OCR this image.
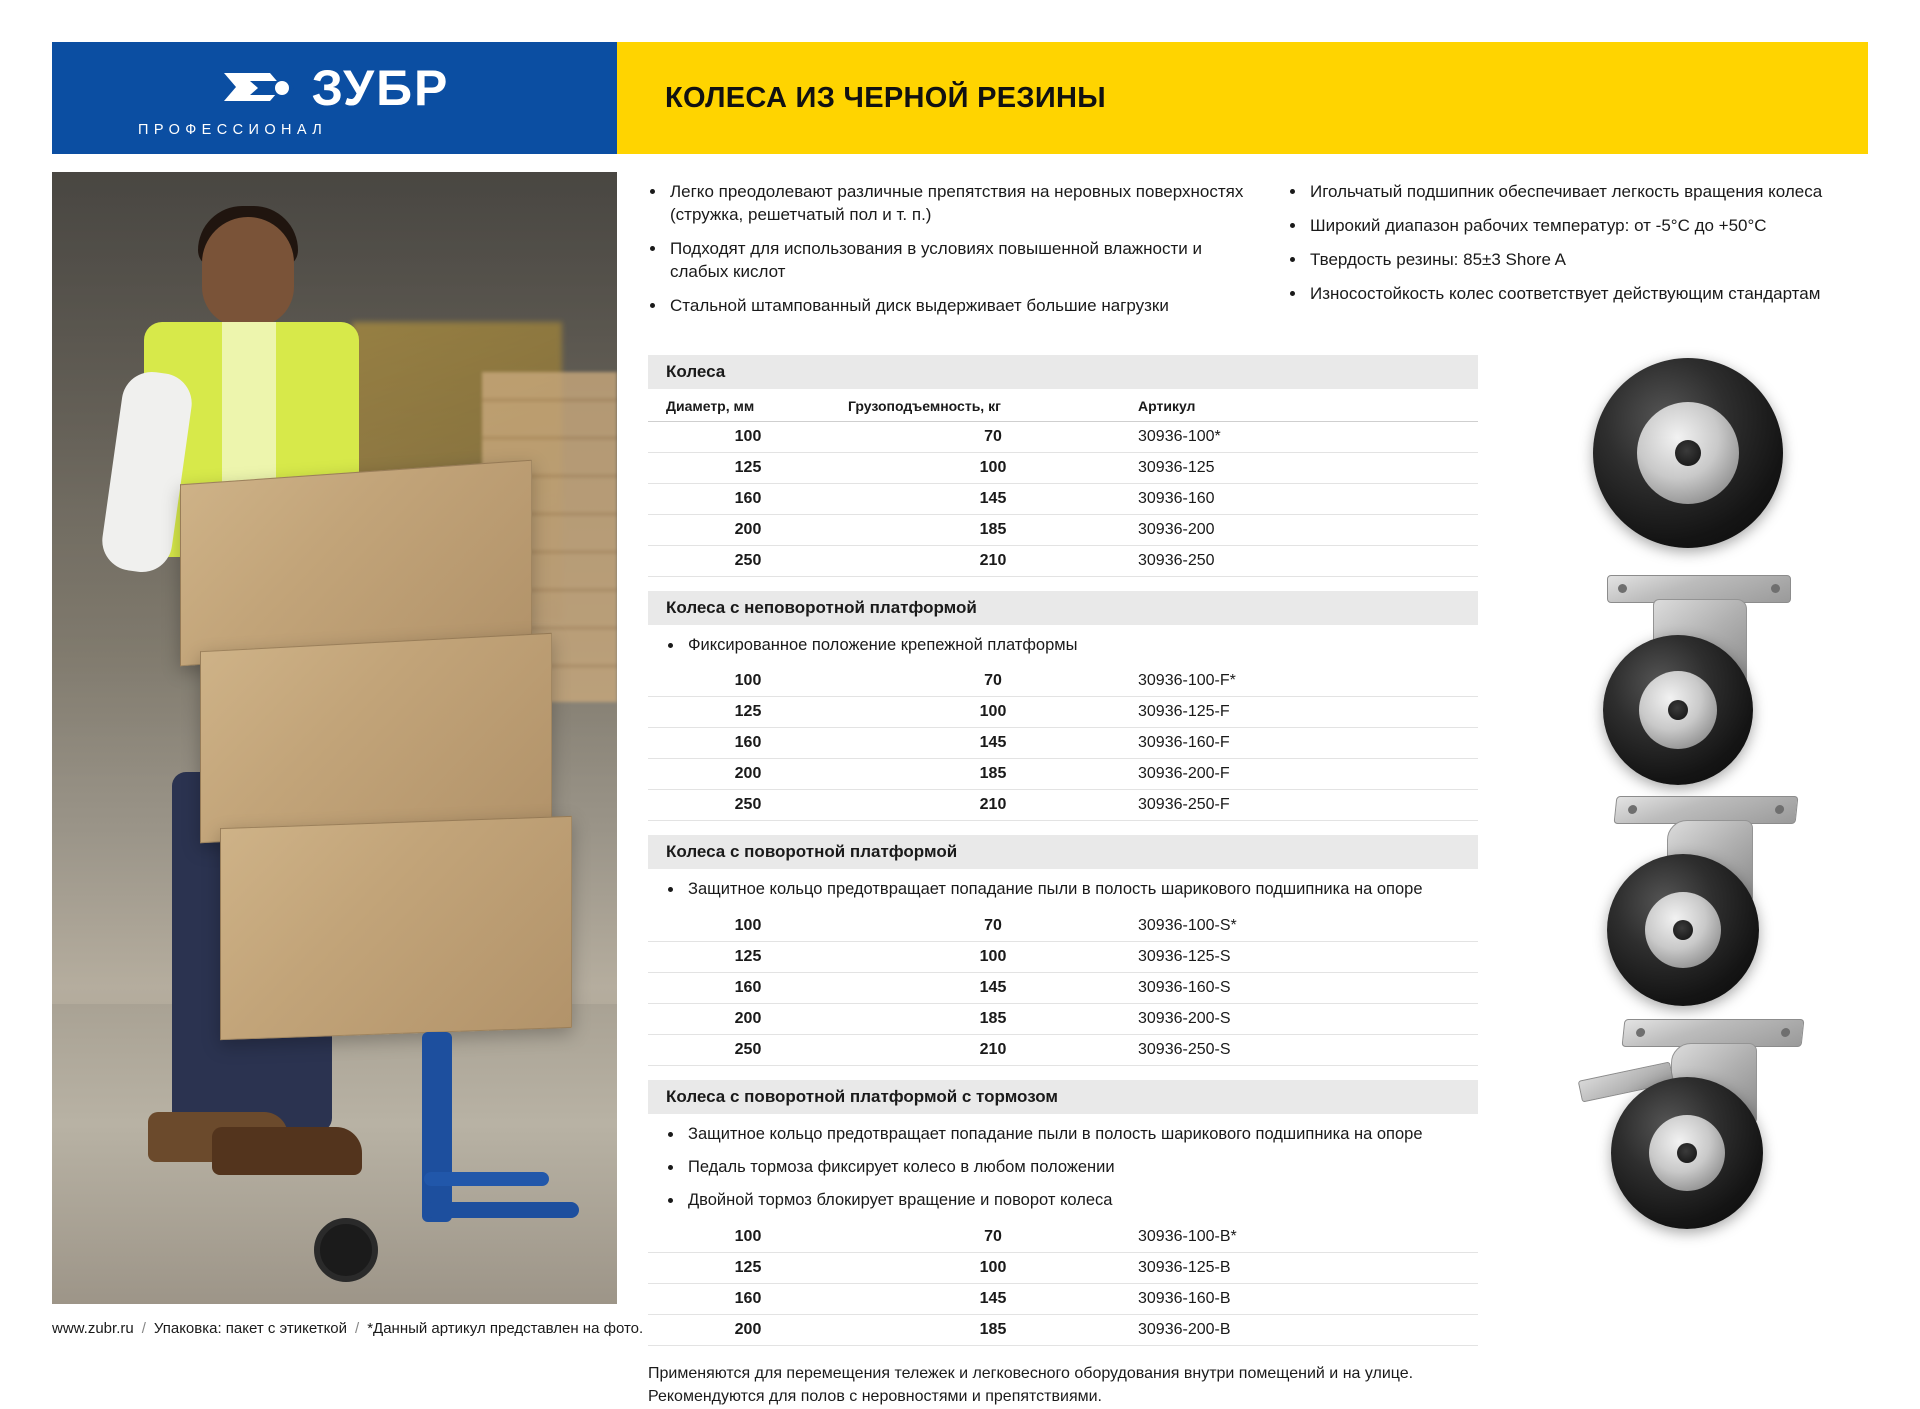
ЗУБР
ПРОФЕССИОНАЛ
КОЛЕСА ИЗ ЧЕРНОЙ РЕЗИНЫ
Легко преодолевают различные препятствия на неровных поверхностях (стружка, решетчатый пол и т. п.)
Подходят для использования в условиях повышенной влажности и слабых кислот
Стальной штампованный диск выдерживает большие нагрузки
Игольчатый подшипник обеспечивает легкость вращения колеса
Широкий диапазон рабочих температур: от -5°С до +50°С
Твердость резины: 85±3 Shore A
Износостойкость колес соответствует действующим стандартам
Колеса
Диаметр, мм	Грузоподъемность, кг	Артикул
100	70	30936-100*
125	100	30936-125
160	145	30936-160
200	185	30936-200
250	210	30936-250
Колеса с неповоротной платформой
Фиксированное положение крепежной платформы
100	70	30936-100-F*
125	100	30936-125-F
160	145	30936-160-F
200	185	30936-200-F
250	210	30936-250-F
Колеса с поворотной платформой
Защитное кольцо предотвращает попадание пыли в полость шарикового подшипника на опоре
100	70	30936-100-S*
125	100	30936-125-S
160	145	30936-160-S
200	185	30936-200-S
250	210	30936-250-S
Колеса с поворотной платформой с тормозом
Защитное кольцо предотвращает попадание пыли в полость шарикового подшипника на опоре
Педаль тормоза фиксирует колесо в любом положении
Двойной тормоз блокирует вращение и поворот колеса
100	70	30936-100-B*
125	100	30936-125-B
160	145	30936-160-B
200	185	30936-200-B
Применяются для перемещения тележек и легковесного оборудования внутри помещений и на улице.
Рекомендуются для полов с неровностями и препятствиями.
www.zubr.ru / Упаковка: пакет с этикеткой / *Данный артикул представлен на фото.
